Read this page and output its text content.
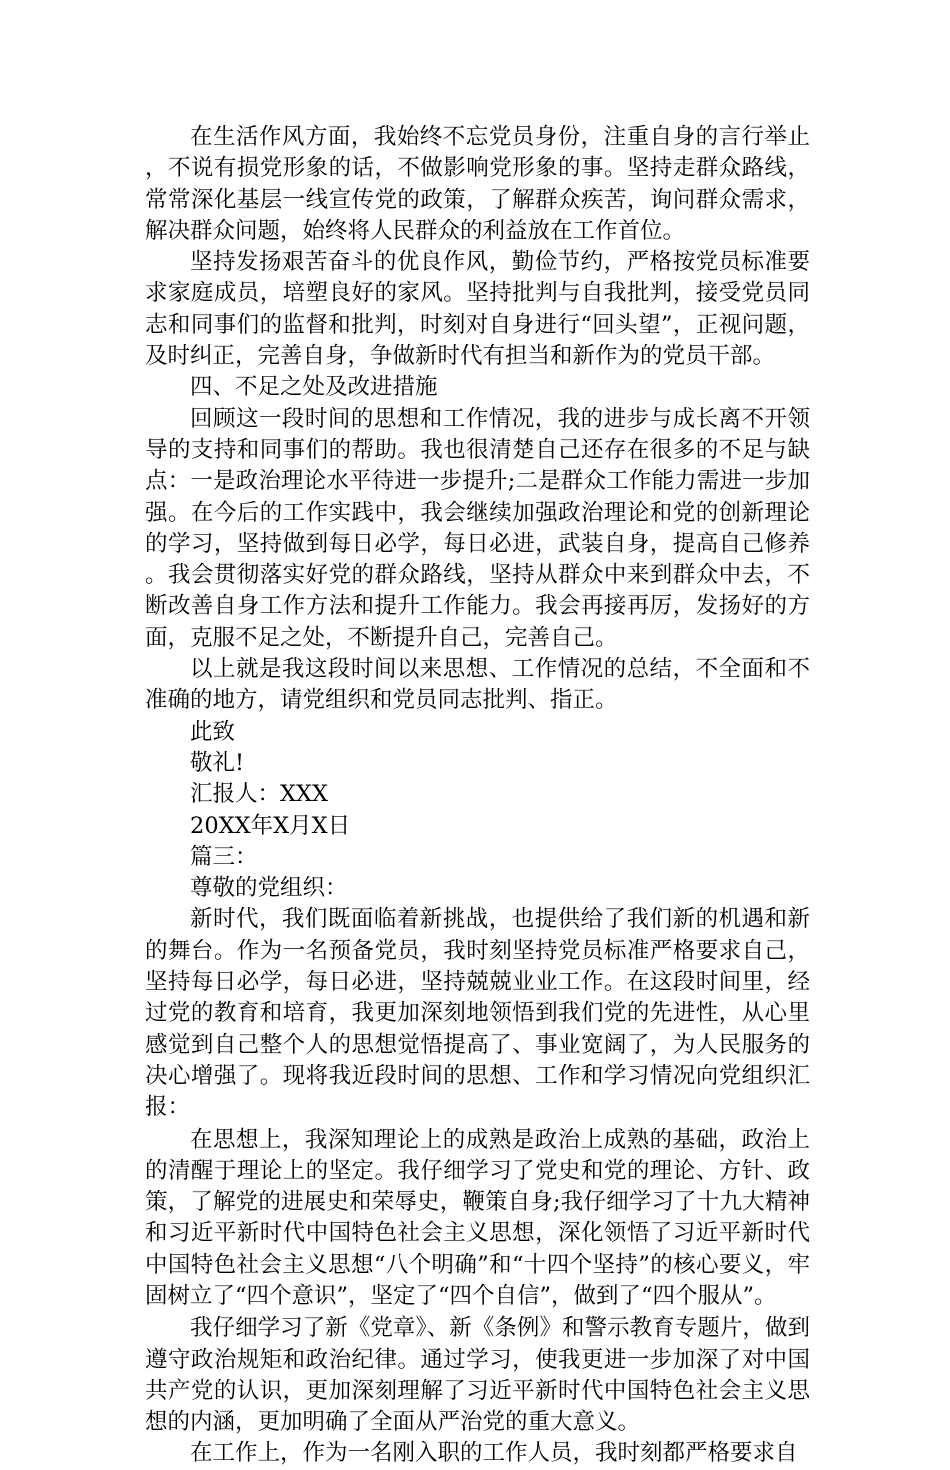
在生活作风方面，我始终不忘党员身份，注重自身的言行举止，不说有损党形象的话，不做影响党形象的事。坚持走群众路线，常常深化基层一线宣传党的政策，了解群众疾苦，询问群众需求，解决群众问题，始终将人民群众的利益放在工作首位。

坚持发扬艰苦奋斗的优良作风，勤俭节约，严格按党员标准要求家庭成员，培塑良好的家风。坚持批判与自我批判，接受党员同志和同事们的监督和批判，时刻对自身进行“回头望”，正视问题，及时纠正，完善自身，争做新时代有担当和新作为的党员干部。

四、不足之处及改进措施

回顾这一段时间的思想和工作情况，我的进步与成长离不开领导的支持和同事们的帮助。我也很清楚自己还存在很多的不足与缺点：一是政治理论水平待进一步提升;二是群众工作能力需进一步加强。在今后的工作实践中，我会继续加强政治理论和党的创新理论的学习，坚持做到每日必学，每日必进，武装自身，提高自己修养。我会贯彻落实好党的群众路线，坚持从群众中来到群众中去，不断改善自身工作方法和提升工作能力。我会再接再厉，发扬好的方面，克服不足之处，不断提升自己，完善自己。

以上就是我这段时间以来思想、工作情况的总结，不全面和不准确的地方，请党组织和党员同志批判、指正。

此致

敬礼!

汇报人：XXX

20XX年X月X日

篇三：

尊敬的党组织：

新时代，我们既面临着新挑战，也提供给了我们新的机遇和新的舞台。作为一名预备党员，我时刻坚持党员标准严格要求自己，坚持每日必学，每日必进，坚持兢兢业业工作。在这段时间里，经过党的教育和培育，我更加深刻地领悟到我们党的先进性，从心里感觉到自己整个人的思想觉悟提高了、事业宽阔了，为人民服务的决心增强了。现将我近段时间的思想、工作和学习情况向党组织汇报：

在思想上，我深知理论上的成熟是政治上成熟的基础，政治上的清醒于理论上的坚定。我仔细学习了党史和党的理论、方针、政策，了解党的进展史和荣辱史，鞭策自身;我仔细学习了十九大精神和习近平新时代中国特色社会主义思想，深化领悟了习近平新时代中国特色社会主义思想“八个明确”和“十四个坚持”的核心要义，牢固树立了“四个意识”，坚定了“四个自信”，做到了“四个服从”。

我仔细学习了新《党章》、新《条例》和警示教育专题片，做到遵守政治规矩和政治纪律。通过学习，使我更进一步加深了对中国共产党的认识，更加深刻理解了习近平新时代中国特色社会主义思想的内涵，更加明确了全面从严治党的重大意义。

在工作上，作为一名刚入职的工作人员，我时刻都严格要求自
